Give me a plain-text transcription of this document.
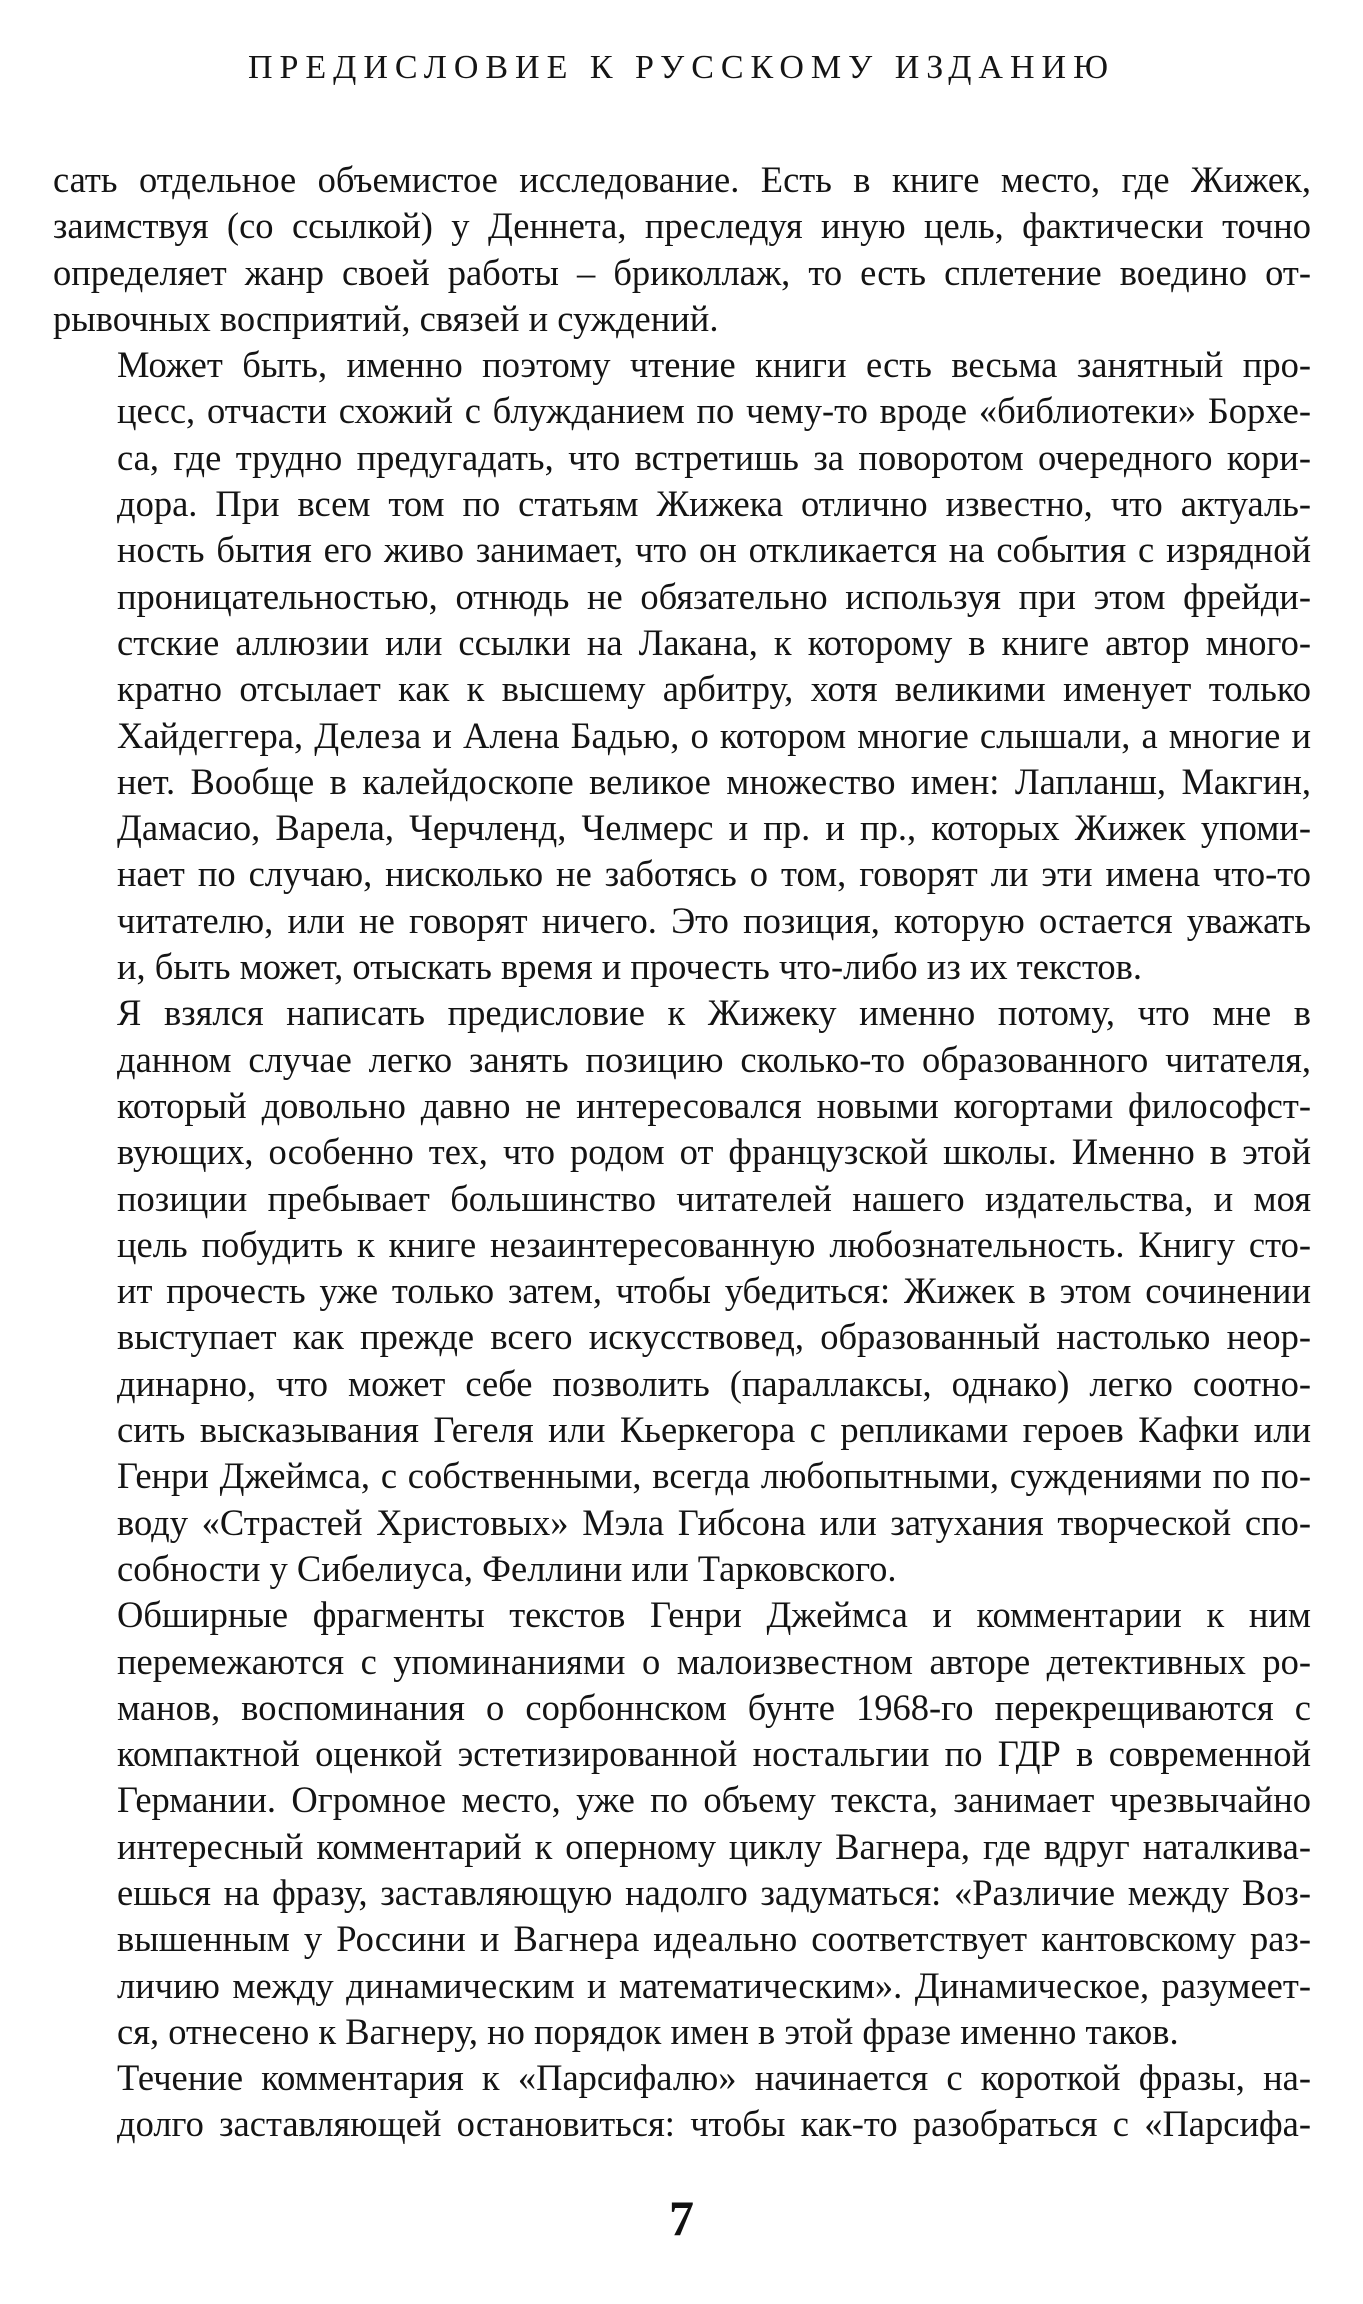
ПРЕДИСЛОВИЕ К РУССКОМУ ИЗДАНИЮ

сать отдельное объемистое исследование. Есть в книге место, где Жижек,
заимствуя (со ссылкой) у Деннета, преследуя иную цель, фактически точно
определяет жанр своей работы – бриколлаж, то есть сплетение воедино от-
рывочных восприятий, связей и суждений.

Может быть, именно поэтому чтение книги есть весьма занятный про-
цесс, отчасти схожий с блужданием по чему-то вроде «библиотеки» Борхе-
са, где трудно предугадать, что встретишь за поворотом очередного кори-
дора. При всем том по статьям Жижека отлично известно, что актуаль-
ность бытия его живо занимает, что он откликается на события с изрядной
проницательностью, отнюдь не обязательно используя при этом фрейди-
стские аллюзии или ссылки на Лакана, к которому в книге автор много-
кратно отсылает как к высшему арбитру, хотя великими именует только
Хайдеггера, Делеза и Алена Бадью, о котором многие слышали, а многие и
нет. Вообще в калейдоскопе великое множество имен: Лапланш, Макгин,
Дамасио, Варела, Черчленд, Челмерс и пр. и пр., которых Жижек упоми-
нает по случаю, нисколько не заботясь о том, говорят ли эти имена что-то
читателю, или не говорят ничего. Это позиция, которую остается уважать
и, быть может, отыскать время и прочесть что-либо из их текстов.

Я взялся написать предисловие к Жижеку именно потому, что мне в
данном случае легко занять позицию сколько-то образованного читателя,
который довольно давно не интересовался новыми когортами философст-
вующих, особенно тех, что родом от французской школы. Именно в этой
позиции пребывает большинство читателей нашего издательства, и моя
цель побудить к книге незаинтересованную любознательность. Книгу сто-
ит прочесть уже только затем, чтобы убедиться: Жижек в этом сочинении
выступает как прежде всего искусствовед, образованный настолько неор-
динарно, что может себе позволить (параллаксы, однако) легко соотно-
сить высказывания Гегеля или Кьеркегора с репликами героев Кафки или
Генри Джеймса, с собственными, всегда любопытными, суждениями по по-
воду «Страстей Христовых» Мэла Гибсона или затухания творческой спо-
собности у Сибелиуса, Феллини или Тарковского.

Обширные фрагменты текстов Генри Джеймса и комментарии к ним
перемежаются с упоминаниями о малоизвестном авторе детективных ро-
манов, воспоминания о сорбоннском бунте 1968-го перекрещиваются с
компактной оценкой эстетизированной ностальгии по ГДР в современной
Германии. Огромное место, уже по объему текста, занимает чрезвычайно
интересный комментарий к оперному циклу Вагнера, где вдруг наталкива-
ешься на фразу, заставляющую надолго задуматься: «Различие между Воз-
вышенным у Россини и Вагнера идеально соответствует кантовскому раз-
личию между динамическим и математическим». Динамическое, разумеет-
ся, отнесено к Вагнеру, но порядок имен в этой фразе именно таков.

Течение комментария к «Парсифалю» начинается с короткой фразы, на-
долго заставляющей остановиться: чтобы как-то разобраться с «Парсифа-

7
